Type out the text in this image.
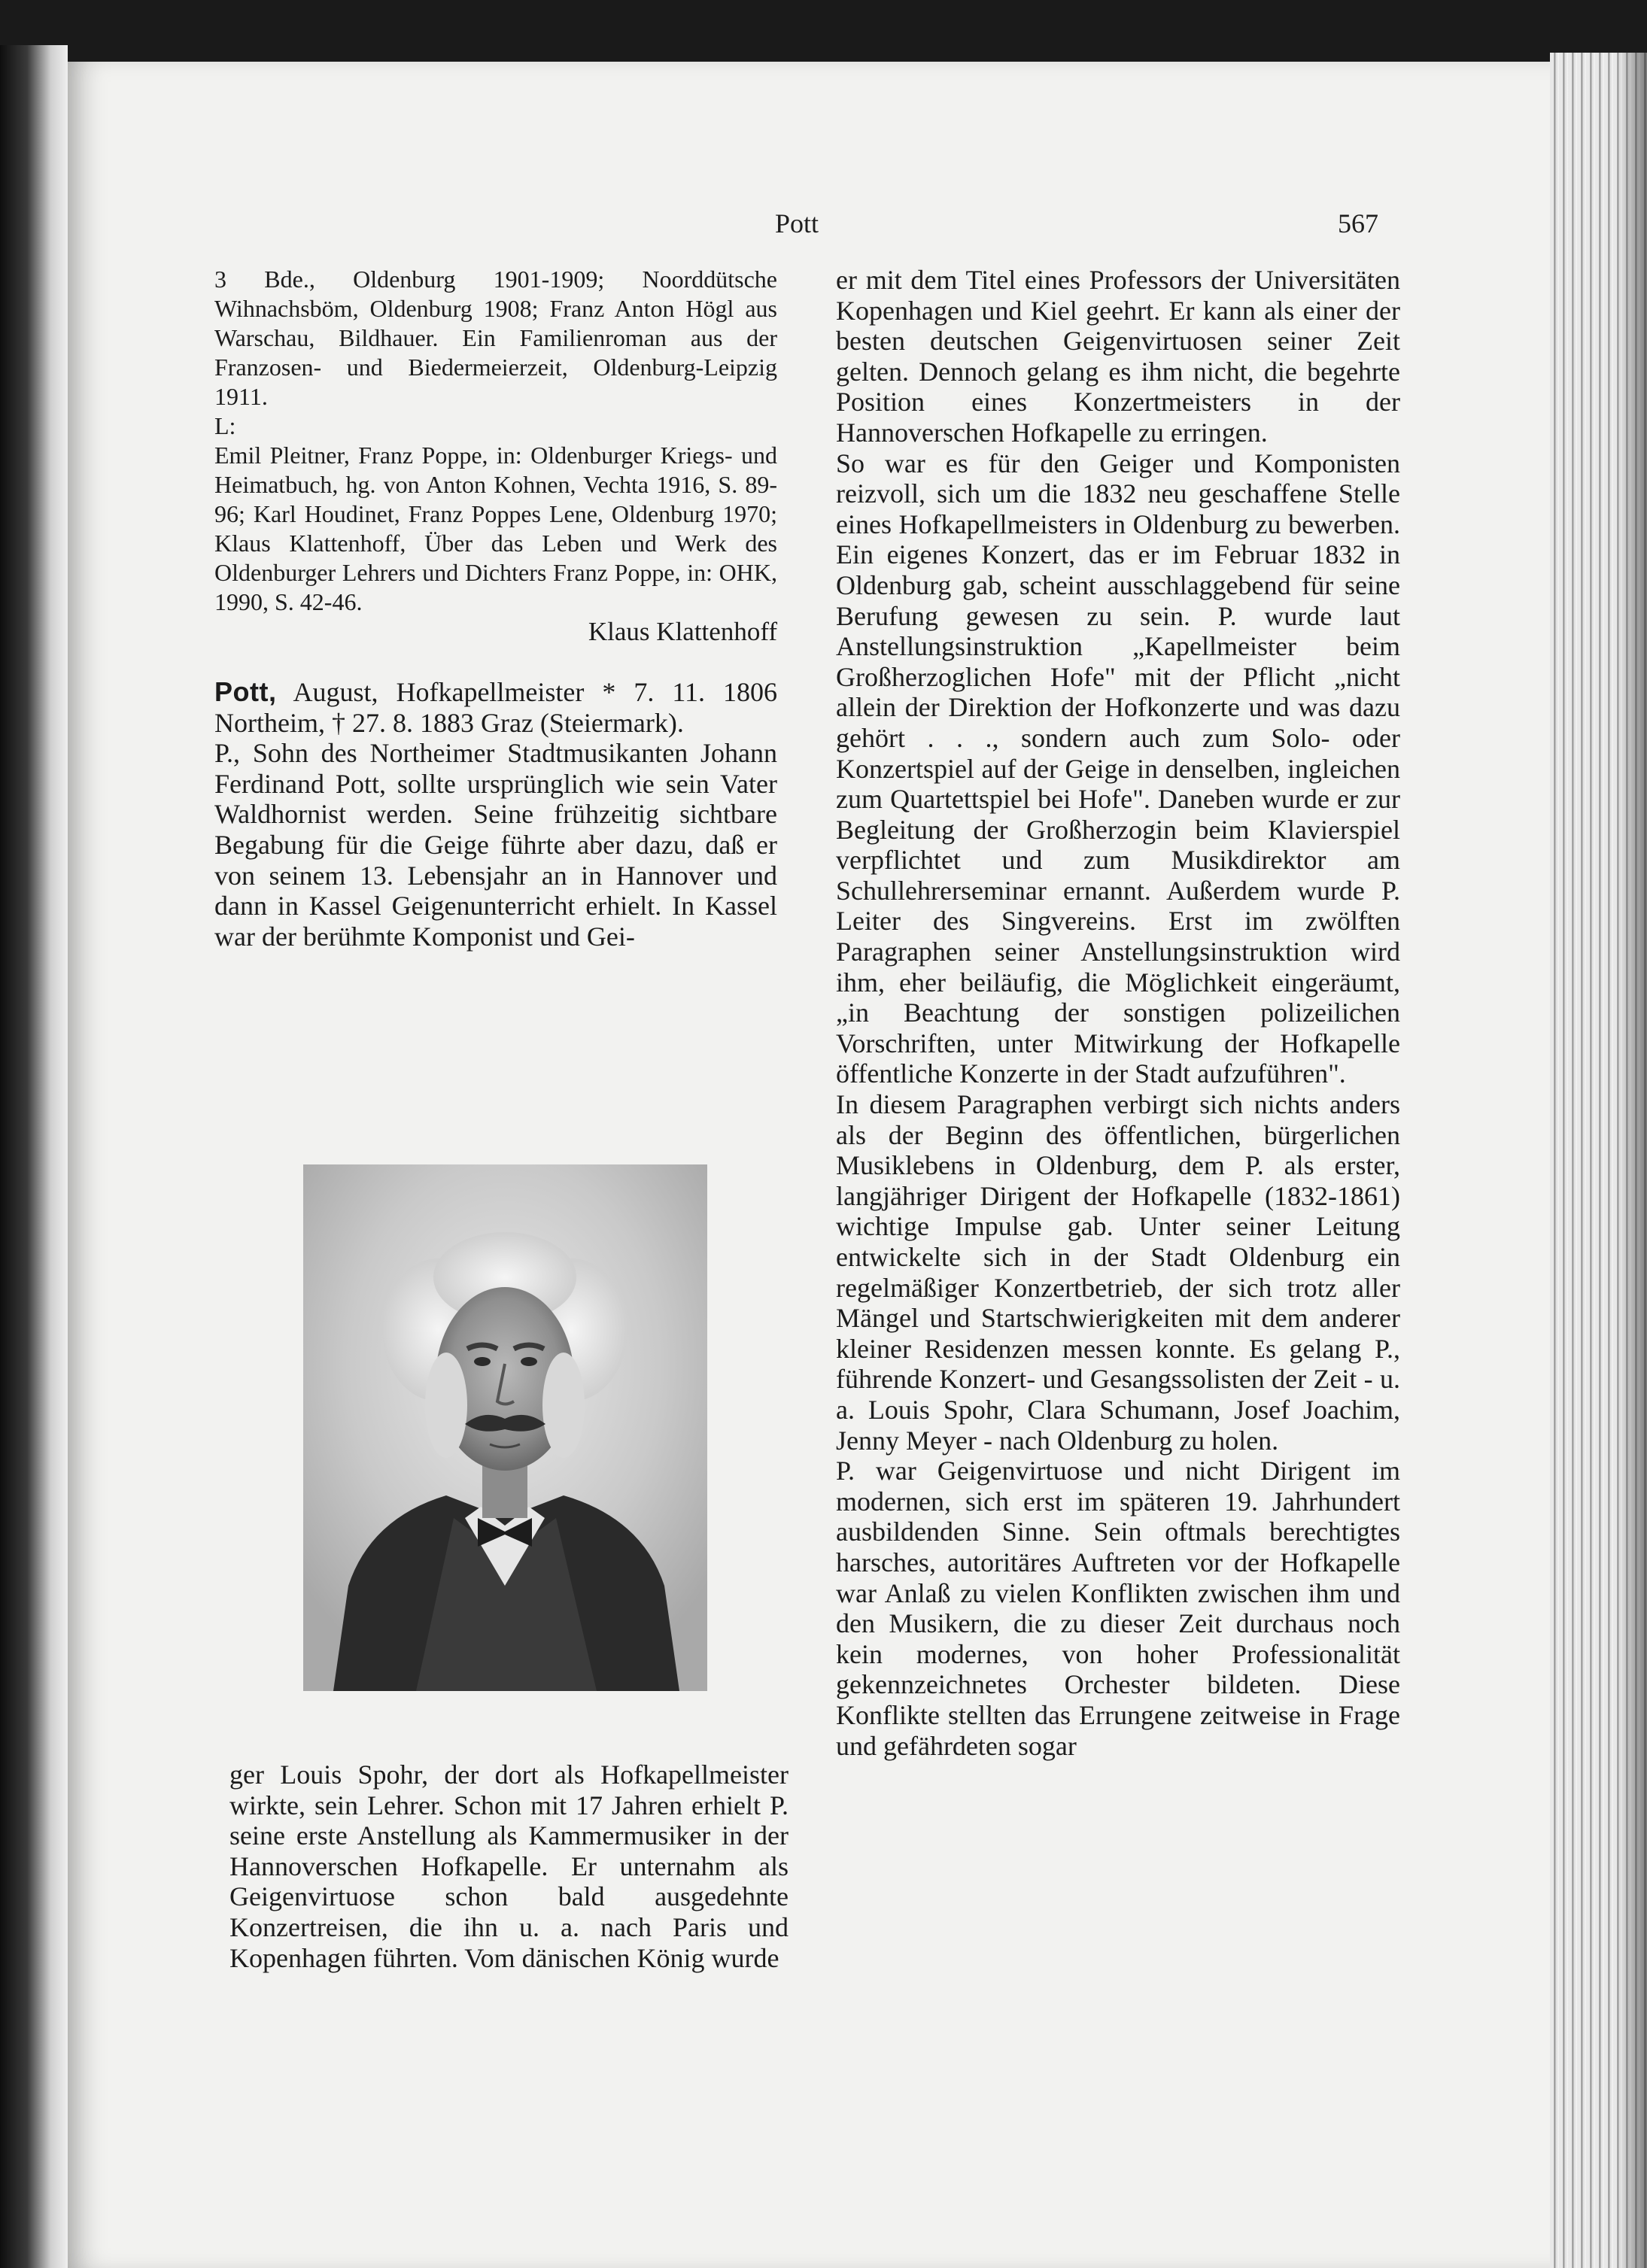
Pott	567

3 Bde., Oldenburg 1901-1909; Noorddütsche Wihnachsböm, Oldenburg 1908; Franz Anton Högl aus Warschau, Bildhauer. Ein Familienroman aus der Franzosen- und Biedermeierzeit, Oldenburg-Leipzig 1911.

L:

Emil Pleitner, Franz Poppe, in: Oldenburger Kriegs- und Heimatbuch, hg. von Anton Kohnen, Vechta 1916, S. 89-96; Karl Houdinet, Franz Poppes Lene, Oldenburg 1970; Klaus Klattenhoff, Über das Leben und Werk des Oldenburger Lehrers und Dichters Franz Poppe, in: OHK, 1990, S. 42-46.

Klaus Klattenhoff

Pott, August, Hofkapellmeister * 7. 11. 1806 Northeim, † 27. 8. 1883 Graz (Steiermark).

P., Sohn des Northeimer Stadtmusikanten Johann Ferdinand Pott, sollte ursprünglich wie sein Vater Waldhornist werden. Seine frühzeitig sichtbare Begabung für die Geige führte aber dazu, daß er von seinem 13. Lebensjahr an in Hannover und dann in Kassel Geigenunterricht erhielt. In Kassel war der berühmte Komponist und Gei-

ger Louis Spohr, der dort als Hofkapellmeister wirkte, sein Lehrer. Schon mit 17 Jahren erhielt P. seine erste Anstellung als Kammermusiker in der Hannoverschen Hofkapelle. Er unternahm als Geigenvirtuose schon bald ausgedehnte Konzertreisen, die ihn u. a. nach Paris und Kopenhagen führten. Vom dänischen König wurde

er mit dem Titel eines Professors der Universitäten Kopenhagen und Kiel geehrt. Er kann als einer der besten deutschen Geigenvirtuosen seiner Zeit gelten. Dennoch gelang es ihm nicht, die begehrte Position eines Konzertmeisters in der Hannoverschen Hofkapelle zu erringen.

So war es für den Geiger und Komponisten reizvoll, sich um die 1832 neu geschaffene Stelle eines Hofkapellmeisters in Oldenburg zu bewerben. Ein eigenes Konzert, das er im Februar 1832 in Oldenburg gab, scheint ausschlaggebend für seine Berufung gewesen zu sein. P. wurde laut Anstellungsinstruktion „Kapellmeister beim Großherzoglichen Hofe" mit der Pflicht „nicht allein der Direktion der Hofkonzerte und was dazu gehört . . ., sondern auch zum Solo- oder Konzertspiel auf der Geige in denselben, ingleichen zum Quartettspiel bei Hofe". Daneben wurde er zur Begleitung der Großherzogin beim Klavierspiel verpflichtet und zum Musikdirektor am Schullehrerseminar ernannt. Außerdem wurde P. Leiter des Singvereins. Erst im zwölften Paragraphen seiner Anstellungsinstruktion wird ihm, eher beiläufig, die Möglichkeit eingeräumt, „in Beachtung der sonstigen polizeilichen Vorschriften, unter Mitwirkung der Hofkapelle öffentliche Konzerte in der Stadt aufzuführen".

In diesem Paragraphen verbirgt sich nichts anders als der Beginn des öffentlichen, bürgerlichen Musiklebens in Oldenburg, dem P. als erster, langjähriger Dirigent der Hofkapelle (1832-1861) wichtige Impulse gab. Unter seiner Leitung entwickelte sich in der Stadt Oldenburg ein regelmäßiger Konzertbetrieb, der sich trotz aller Mängel und Startschwierigkeiten mit dem anderer kleiner Residenzen messen konnte. Es gelang P., führende Konzert- und Gesangssolisten der Zeit - u. a. Louis Spohr, Clara Schumann, Josef Joachim, Jenny Meyer - nach Oldenburg zu holen.

P. war Geigenvirtuose und nicht Dirigent im modernen, sich erst im späteren 19. Jahrhundert ausbildenden Sinne. Sein oftmals berechtigtes harsches, autoritäres Auftreten vor der Hofkapelle war Anlaß zu vielen Konflikten zwischen ihm und den Musikern, die zu dieser Zeit durchaus noch kein modernes, von hoher Professionalität gekennzeichnetes Orchester bildeten. Diese Konflikte stellten das Errungene zeitweise in Frage und gefährdeten sogar
